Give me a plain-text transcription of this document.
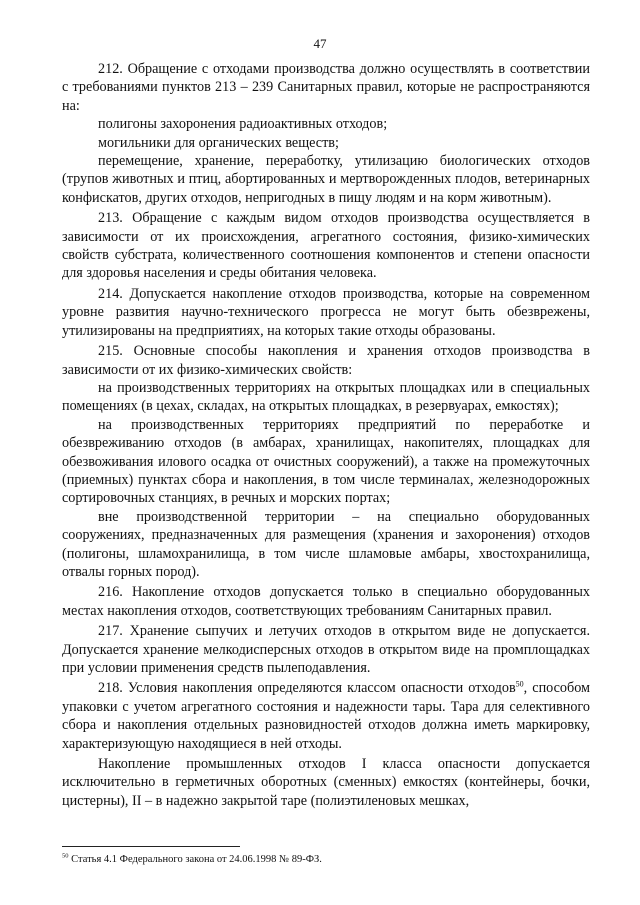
47

212. Обращение с отходами производства должно осуществлять в соответствии с требованиями пунктов 213 – 239 Санитарных правил, которые не распространяются на:

полигоны захоронения радиоактивных отходов;

могильники для органических веществ;

перемещение, хранение, переработку, утилизацию биологических отходов (трупов животных и птиц, абортированных и мертворожденных плодов, ветеринарных конфискатов, других отходов, непригодных в пищу людям и на корм животным).

213. Обращение с каждым видом отходов производства осуществляется в зависимости от их происхождения, агрегатного состояния, физико-химических свойств субстрата, количественного соотношения компонентов и степени опасности для здоровья населения и среды обитания человека.

214. Допускается накопление отходов производства, которые на современном уровне развития научно-технического прогресса не могут быть обезврежены, утилизированы на предприятиях, на которых такие отходы образованы.

215. Основные способы накопления и хранения отходов производства в зависимости от их физико-химических свойств:

на производственных территориях на открытых площадках или в специальных помещениях (в цехах, складах, на открытых площадках, в резервуарах, емкостях);

на производственных территориях предприятий по переработке и обезвреживанию отходов (в амбарах, хранилищах, накопителях, площадках для обезвоживания илового осадка от очистных сооружений), а также на промежуточных (приемных) пунктах сбора и накопления, в том числе терминалах, железнодорожных сортировочных станциях, в речных и морских портах;

вне производственной территории – на специально оборудованных сооружениях, предназначенных для размещения (хранения и захоронения) отходов (полигоны, шламохранилища, в том числе шламовые амбары, хвостохранилища, отвалы горных пород).

216. Накопление отходов допускается только в специально оборудованных местах накопления отходов, соответствующих требованиям Санитарных правил.

217. Хранение сыпучих и летучих отходов в открытом виде не допускается. Допускается хранение мелкодисперсных отходов в открытом виде на промплощадках при условии применения средств пылеподавления.

218. Условия накопления определяются классом опасности отходов$^{50}$, способом упаковки с учетом агрегатного состояния и надежности тары. Тара для селективного сбора и накопления отдельных разновидностей отходов должна иметь маркировку, характеризующую находящиеся в ней отходы.

Накопление промышленных отходов I класса опасности допускается исключительно в герметичных оборотных (сменных) емкостях (контейнеры, бочки, цистерны), II – в надежно закрытой таре (полиэтиленовых мешках,

$^{50}$ Статья 4.1 Федерального закона от 24.06.1998 № 89-ФЗ.
